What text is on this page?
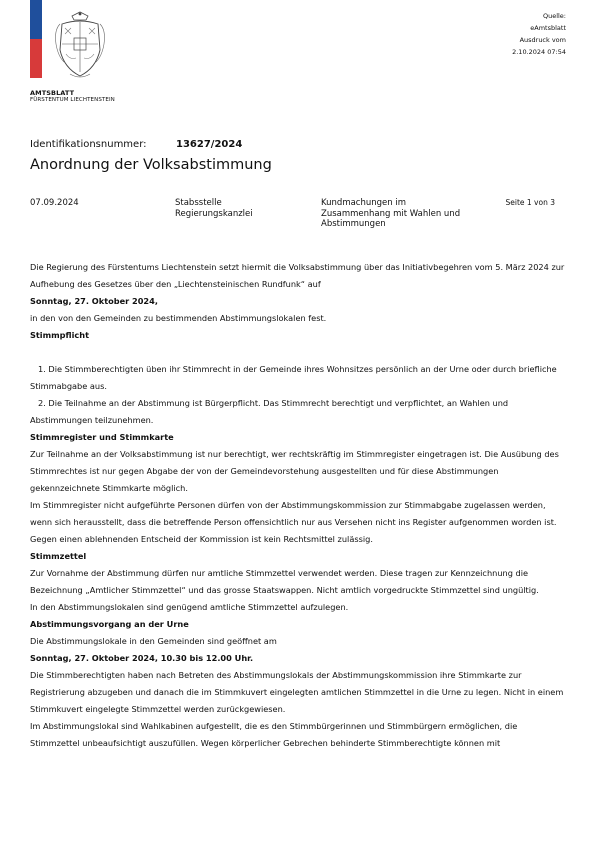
AMTSBLATT
FÜRSTENTUM LIECHTENSTEIN
Quelle:
eAmtsblatt
Ausdruck vom
2.10.2024 07:54
Identifikationsnummer:	13627/2024
Anordnung der Volksabstimmung
07.09.2024	Stabsstelle Regierungskanzlei
Kundmachungen im Zusammenhang mit Wahlen und Abstimmungen
Seite 1 von 3

Die Regierung des Fürstentums Liechtenstein setzt hiermit die Volksabstimmung über das Initiativbegehren vom 5. März 2024 zur Aufhebung des Gesetzes über den „Liechtensteinischen Rundfunk“ auf

Sonntag, 27. Oktober 2024,

in den von den Gemeinden zu bestimmenden Abstimmungslokalen fest.

Stimmpflicht

1. Die Stimmberechtigten üben ihr Stimmrecht in der Gemeinde ihres Wohnsitzes persönlich an der Urne oder durch briefliche Stimmabgabe aus.

2. Die Teilnahme an der Abstimmung ist Bürgerpflicht. Das Stimmrecht berechtigt und verpflichtet, an Wahlen und Abstimmungen teilzunehmen.

Stimmregister und Stimmkarte

Zur Teilnahme an der Volksabstimmung ist nur berechtigt, wer rechtskräftig im Stimmregister eingetragen ist. Die Ausübung des Stimmrechtes ist nur gegen Abgabe der von der Gemeindevorstehung ausgestellten und für diese Abstimmungen gekennzeichnete Stimmkarte möglich.

Im Stimmregister nicht aufgeführte Personen dürfen von der Abstimmungskommission zur Stimmabgabe zugelassen werden, wenn sich herausstellt, dass die betreffende Person offensichtlich nur aus Versehen nicht ins Register aufgenommen worden ist. Gegen einen ablehnenden Entscheid der Kommission ist kein Rechtsmittel zulässig.

Stimmzettel

Zur Vornahme der Abstimmung dürfen nur amtliche Stimmzettel verwendet werden. Diese tragen zur Kennzeichnung die Bezeichnung „Amtlicher Stimmzettel“ und das grosse Staatswappen. Nicht amtlich vorgedruckte Stimmzettel sind ungültig.

In den Abstimmungslokalen sind genügend amtliche Stimmzettel aufzulegen.

Abstimmungsvorgang an der Urne

Die Abstimmungslokale in den Gemeinden sind geöffnet am

Sonntag, 27. Oktober 2024, 10.30 bis 12.00 Uhr.

Die Stimmberechtigten haben nach Betreten des Abstimmungslokals der Abstimmungskommission ihre Stimmkarte zur Registrierung abzugeben und danach die im Stimmkuvert eingelegten amtlichen Stimmzettel in die Urne zu legen. Nicht in einem Stimmkuvert eingelegte Stimmzettel werden zurückgewiesen.

Im Abstimmungslokal sind Wahlkabinen aufgestellt, die es den Stimmbürgerinnen und Stimmbürgern ermöglichen, die Stimmzettel unbeaufsichtigt auszufüllen. Wegen körperlicher Gebrechen behinderte Stimmberechtigte können mit
